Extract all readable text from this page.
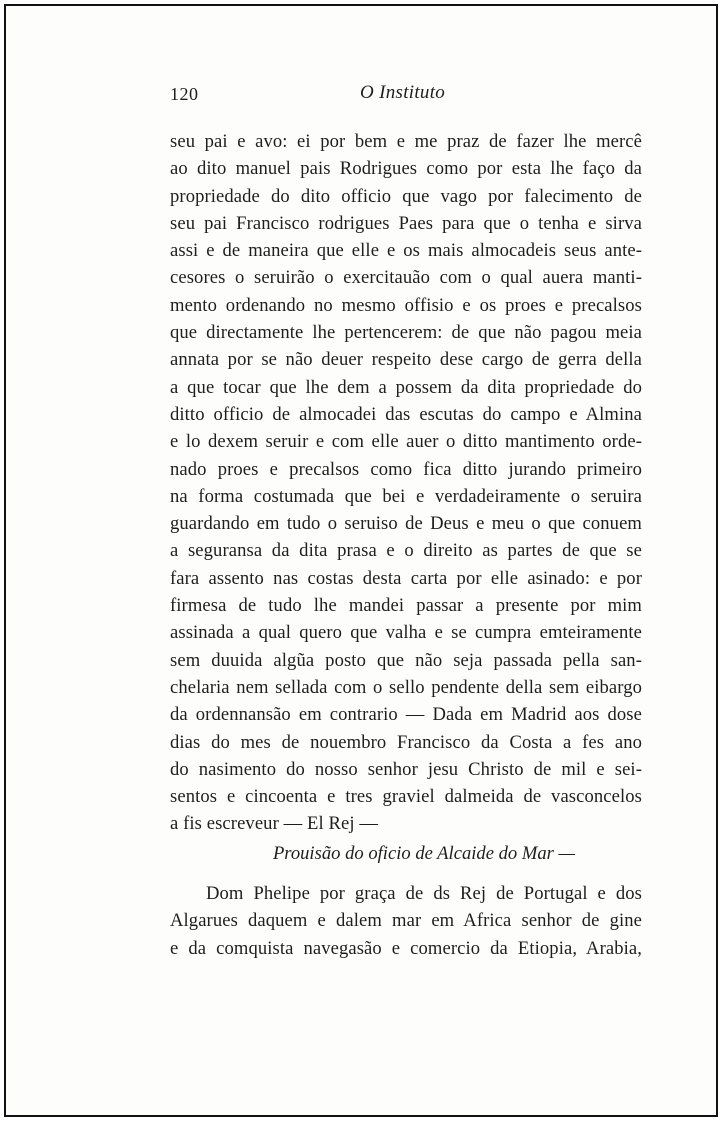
120	O Instituto
seu pai e avo: ei por bem e me praz de fazer lhe mercê
ao dito manuel pais Rodrigues como por esta lhe faço da
propriedade do dito officio que vago por falecimento de
seu pai Francisco rodrigues Paes para que o tenha e sirva
assi e de maneira que elle e os mais almocadeis seus ante-
cesores o seruirão o exercitauão com o qual auera manti-
mento ordenando no mesmo offisio e os proes e precalsos
que directamente lhe pertencerem: de que não pagou meia
annata por se não deuer respeito dese cargo de gerra della
a que tocar que lhe dem a possem da dita propriedade do
ditto officio de almocadei das escutas do campo e Almina
e lo dexem seruir e com elle auer o ditto mantimento orde-
nado proes e precalsos como fica ditto jurando primeiro
na forma costumada que bei e verdadeiramente o seruira
guardando em tudo o seruiso de Deus e meu o que conuem
a seguransa da dita prasa e o direito as partes de que se
fara assento nas costas desta carta por elle asinado: e por
firmesa de tudo lhe mandei passar a presente por mim
assinada a qual quero que valha e se cumpra emteiramente
sem duuida algũa posto que não seja passada pella san-
chelaria nem sellada com o sello pendente della sem eibargo
da ordennansão em contrario — Dada em Madrid aos dose
dias do mes de nouembro Francisco da Costa a fes ano
do nasimento do nosso senhor jesu Christo de mil e sei-
sentos e cincoenta e tres graviel dalmeida de vasconcelos
a fis escreveur — El Rej —
Prouisão do oficio de Alcaide do Mar —
Dom Phelipe por graça de ds Rej de Portugal e dos
Algarues daquem e dalem mar em Africa senhor de gine
e da comquista navegasão e comercio da Etiopia, Arabia,
